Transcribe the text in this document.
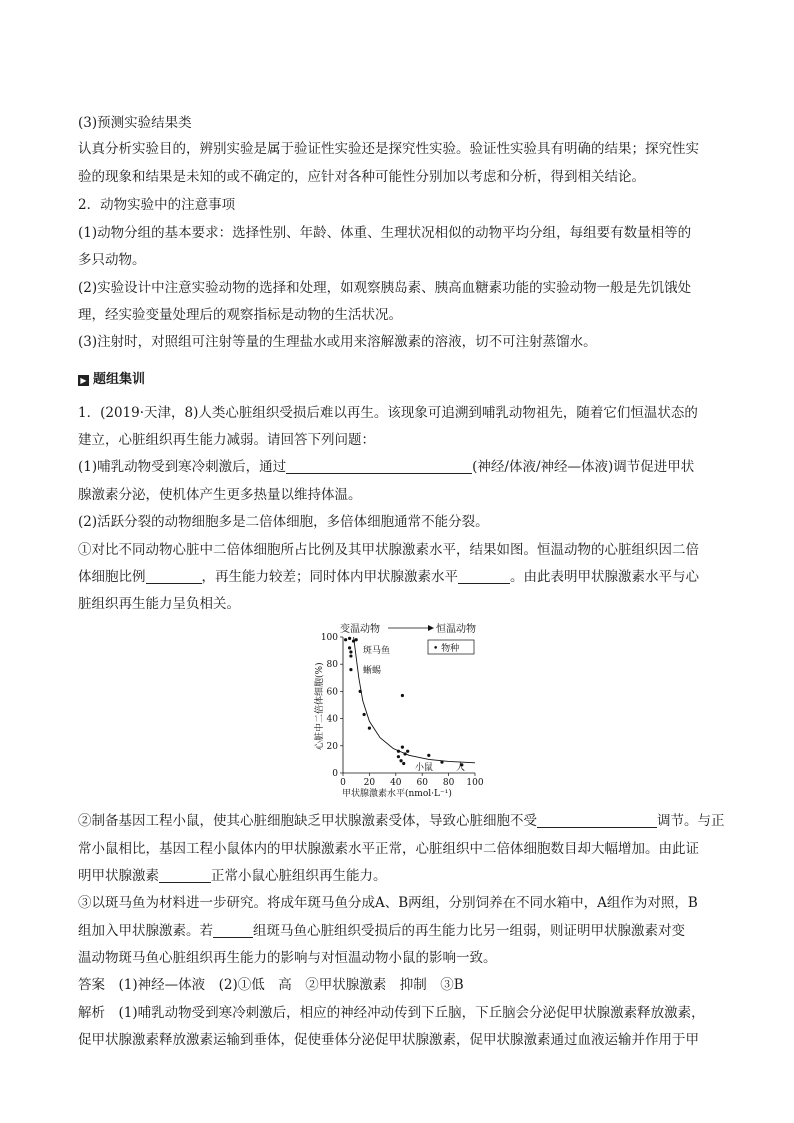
(3)预测实验结果类
认真分析实验目的，辨别实验是属于验证性实验还是探究性实验。验证性实验具有明确的结果；探究性实
验的现象和结果是未知的或不确定的，应针对各种可能性分别加以考虑和分析，得到相关结论。
2．动物实验中的注意事项
(1)动物分组的基本要求：选择性别、年龄、体重、生理状况相似的动物平均分组，每组要有数量相等的
多只动物。
(2)实验设计中注意实验动物的选择和处理，如观察胰岛素、胰高血糖素功能的实验动物一般是先饥饿处
理，经实验变量处理后的观察指标是动物的生活状况。
(3)注射时，对照组可注射等量的生理盐水或用来溶解激素的溶液，切不可注射蒸馏水。
▶ 题组集训
1．(2019·天津，8)人类心脏组织受损后难以再生。该现象可追溯到哺乳动物祖先，随着它们恒温状态的
建立，心脏组织再生能力减弱。请回答下列问题：
(1)哺乳动物受到寒冷刺激后，通过	(神经/体液/神经—体液)调节促进甲状
腺激素分泌，使机体产生更多热量以维持体温。
(2)活跃分裂的动物细胞多是二倍体细胞，多倍体细胞通常不能分裂。
①对比不同动物心脏中二倍体细胞所占比例及其甲状腺激素水平，结果如图。恒温动物的心脏组织因二倍
体细胞比例	，再生能力较差；同时体内甲状腺激素水平	。由此表明甲状腺激素水平与心
脏组织再生能力呈负相关。
变温动物	恒温动物
0 20 40 60 80 100
0
20
40
60
80
100
• 物种
斑马鱼
蜥蜴
小鼠	人
甲状腺激素水平(nmol·L⁻¹)
心脏中二倍体细胞(%)
②制备基因工程小鼠，使其心脏细胞缺乏甲状腺激素受体，导致心脏细胞不受	调节。与正
常小鼠相比，基因工程小鼠体内的甲状腺激素水平正常，心脏组织中二倍体细胞数目却大幅增加。由此证
明甲状腺激素	正常小鼠心脏组织再生能力。
③以斑马鱼为材料进一步研究。将成年斑马鱼分成A、B两组，分别饲养在不同水箱中，A组作为对照，B
组加入甲状腺激素。若	组斑马鱼心脏组织受损后的再生能力比另一组弱，则证明甲状腺激素对变
温动物斑马鱼心脏组织再生能力的影响与对恒温动物小鼠的影响一致。
答案　(1)神经—体液　(2)①低　高　②甲状腺激素　抑制　③B
解析　(1)哺乳动物受到寒冷刺激后，相应的神经冲动传到下丘脑，下丘脑会分泌促甲状腺激素释放激素，
促甲状腺激素释放激素运输到垂体，促使垂体分泌促甲状腺激素，促甲状腺激素通过血液运输并作用于甲
